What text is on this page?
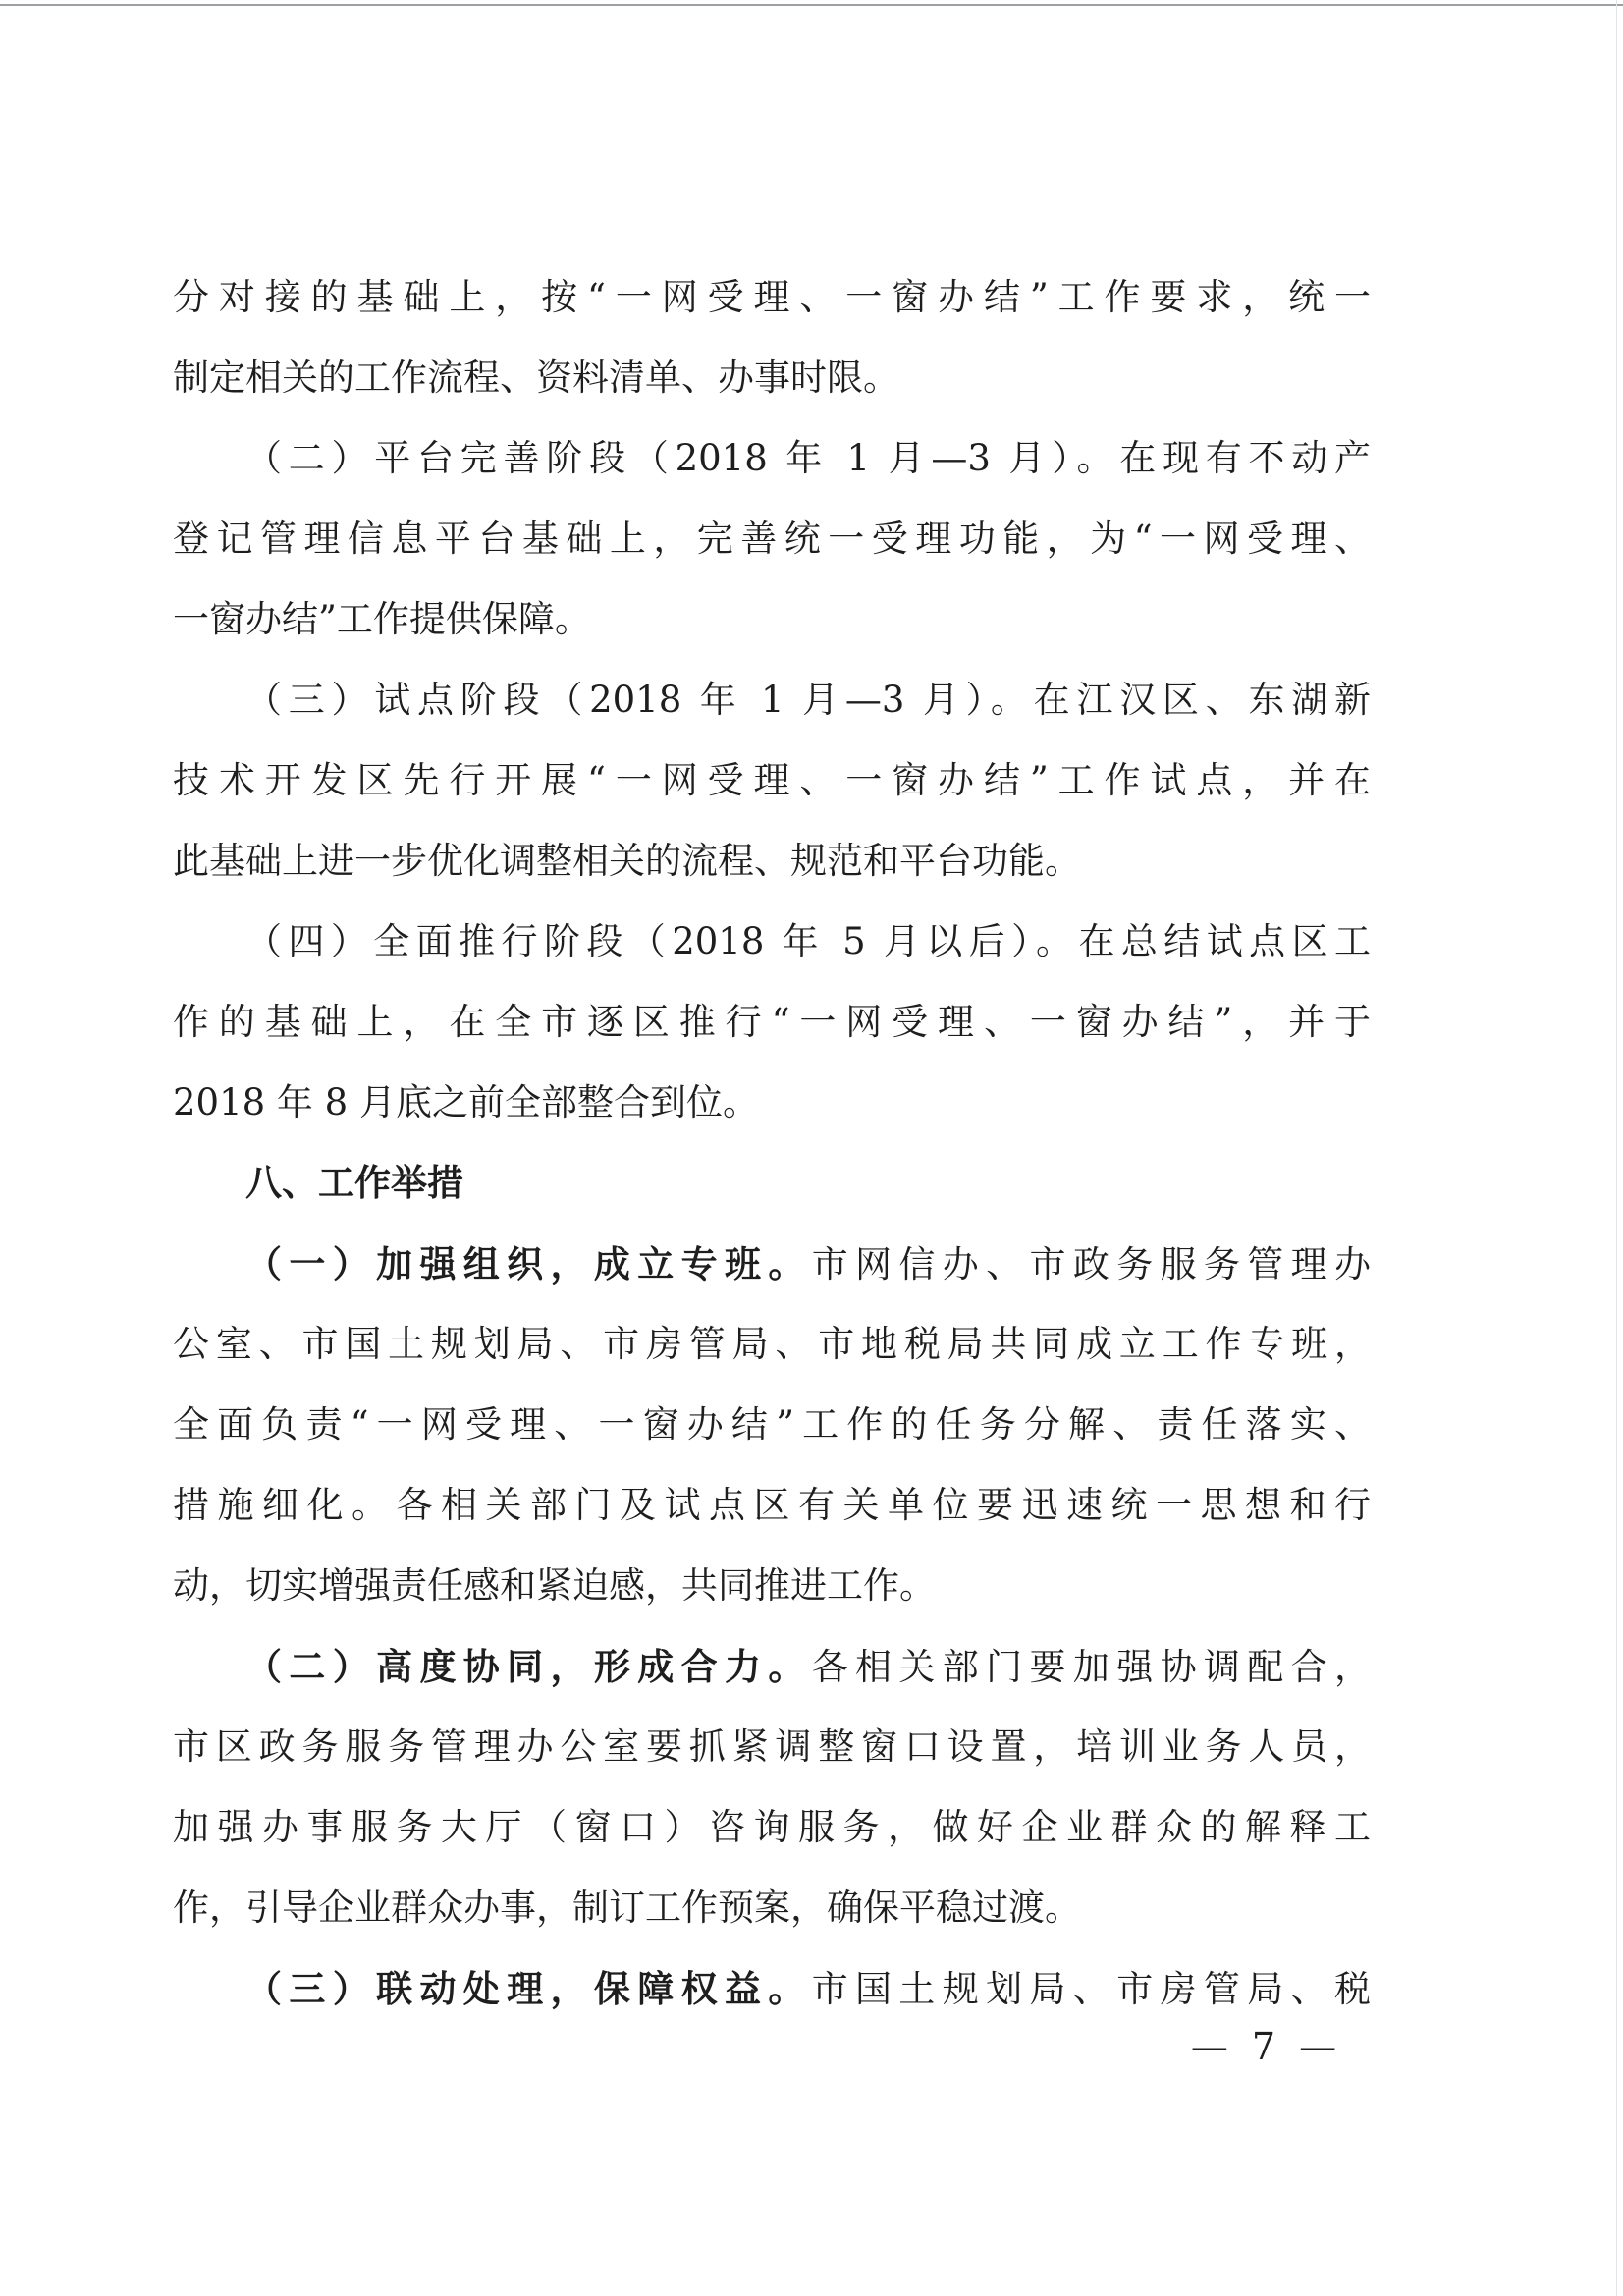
分对接的基础上，按“一网受理、一窗办结”工作要求，统一
制定相关的工作流程、资料清单、办事时限。
（二）平台完善阶段（2018 年 1 月—3 月）。在现有不动产
登记管理信息平台基础上，完善统一受理功能，为“一网受理、
一窗办结”工作提供保障。
（三）试点阶段（2018 年 1 月—3 月）。在江汉区、东湖新
技术开发区先行开展“一网受理、一窗办结”工作试点，并在
此基础上进一步优化调整相关的流程、规范和平台功能。
（四）全面推行阶段（2018 年 5 月以后）。在总结试点区工
作的基础上，在全市逐区推行“一网受理、一窗办结”，并于
2018 年 8 月底之前全部整合到位。
八、工作举措
（一）加强组织，成立专班。市网信办、市政务服务管理办
公室、市国土规划局、市房管局、市地税局共同成立工作专班，
全面负责“一网受理、一窗办结”工作的任务分解、责任落实、
措施细化。各相关部门及试点区有关单位要迅速统一思想和行
动，切实增强责任感和紧迫感，共同推进工作。
（二）高度协同，形成合力。各相关部门要加强协调配合，
市区政务服务管理办公室要抓紧调整窗口设置，培训业务人员，
加强办事服务大厅（窗口）咨询服务，做好企业群众的解释工
作，引导企业群众办事，制订工作预案，确保平稳过渡。
（三）联动处理，保障权益。市国土规划局、市房管局、税
— 7 —
